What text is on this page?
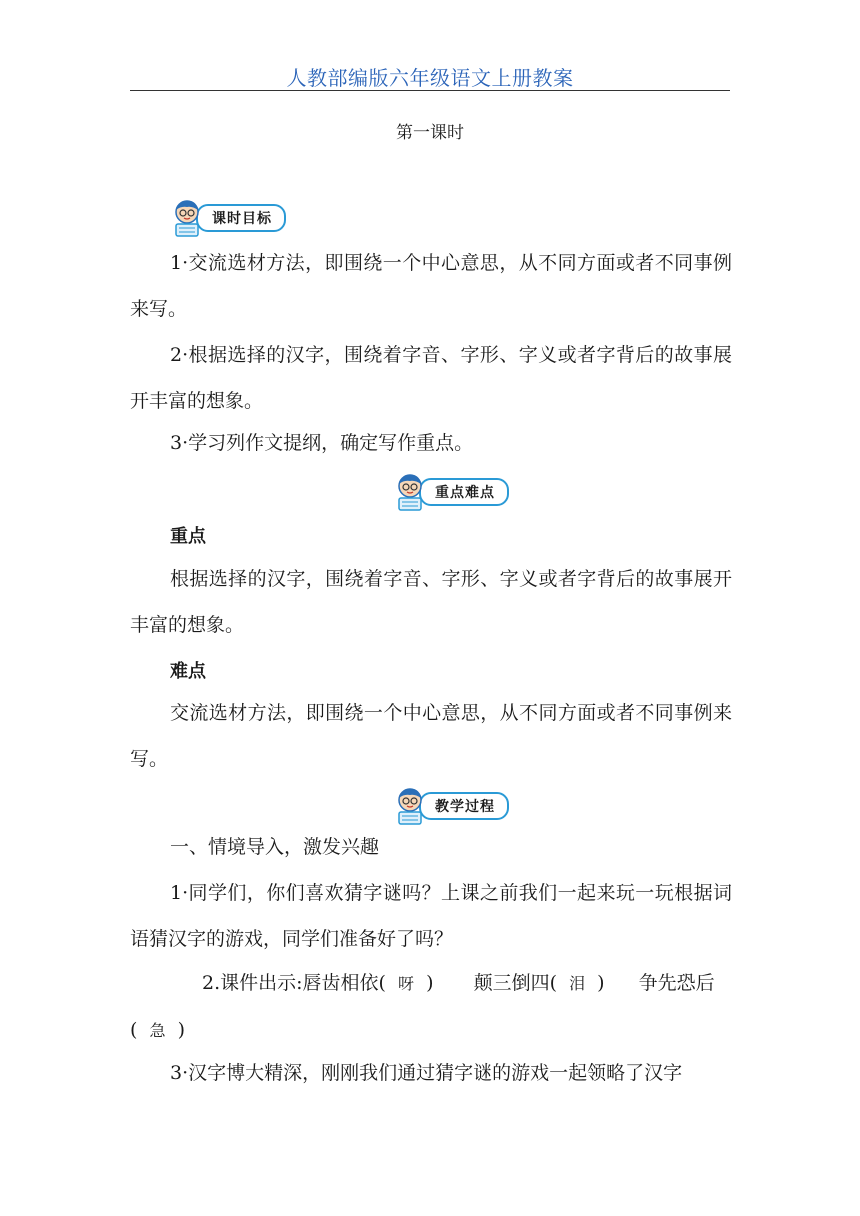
人教部编版六年级语文上册教案
第一课时
课时目标
1·交流选材方法，即围绕一个中心意思，从不同方面或者不同事例来写。
2·根据选择的汉字，围绕着字音、字形、字义或者字背后的故事展开丰富的想象。
3·学习列作文提纲，确定写作重点。
重点难点
重点
根据选择的汉字，围绕着字音、字形、字义或者字背后的故事展开丰富的想象。
难点
交流选材方法，即围绕一个中心意思，从不同方面或者不同事例来写。
教学过程
一、情境导入，激发兴趣
1·同学们，你们喜欢猜字谜吗？上课之前我们一起来玩一玩根据词语猜汉字的游戏，同学们准备好了吗？
2.课件出示:唇齿相依(  呀  ) 颠三倒四(  泪  ) 争先恐后
(  急  )
3·汉字博大精深，刚刚我们通过猜字谜的游戏一起领略了汉字
